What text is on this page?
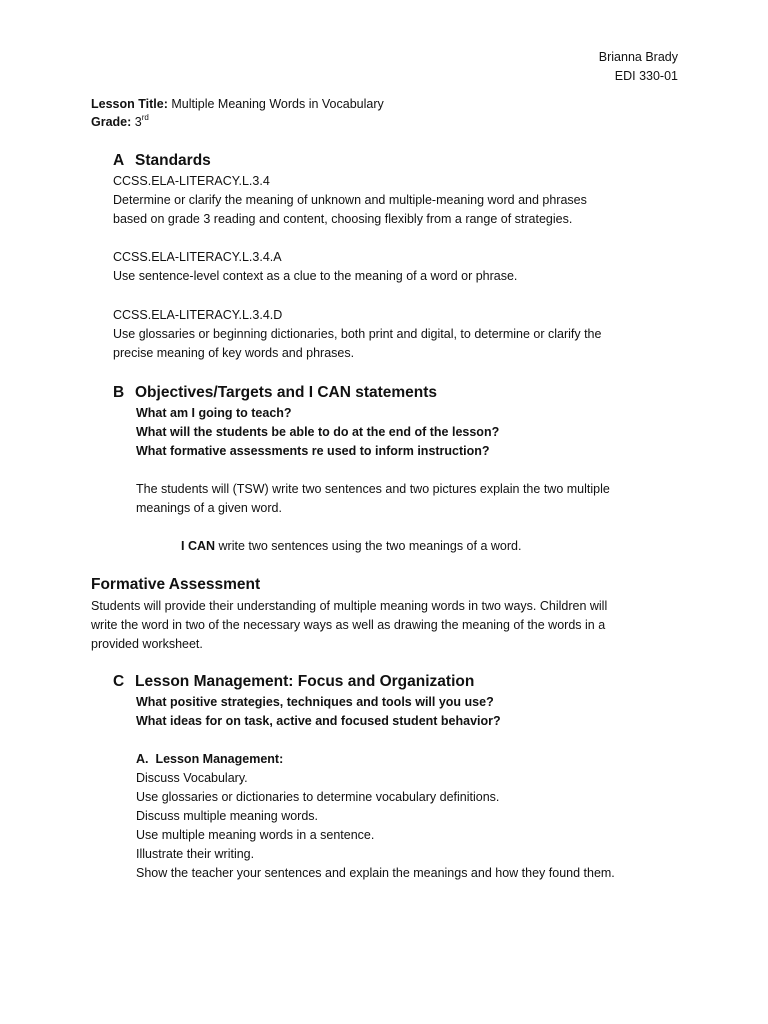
Brianna Brady
EDI 330-01
Lesson Title: Multiple Meaning Words in Vocabulary
Grade: 3rd
A Standards

CCSS.ELA-LITERACY.L.3.4

Determine or clarify the meaning of unknown and multiple-meaning word and phrases

based on grade 3 reading and content, choosing flexibly from a range of strategies.

CCSS.ELA-LITERACY.L.3.4.A

Use sentence-level context as a clue to the meaning of a word or phrase.

CCSS.ELA-LITERACY.L.3.4.D

Use glossaries or beginning dictionaries, both print and digital, to determine or clarify the

precise meaning of key words and phrases.

B Objectives/Targets and I CAN statements

What am I going to teach?

What will the students be able to do at the end of the lesson?

What formative assessments re used to inform instruction?

The students will (TSW) write two sentences and two pictures explain the two multiple

meanings of a given word.

I CAN write two sentences using the two meanings of a word.
Formative Assessment

Students will provide their understanding of multiple meaning words in two ways. Children will

write the word in two of the necessary ways as well as drawing the meaning of the words in a

provided worksheet.

C Lesson Management: Focus and Organization

What positive strategies, techniques and tools will you use?

What ideas for on task, active and focused student behavior?

A.  Lesson Management:

Discuss Vocabulary.

Use glossaries or dictionaries to determine vocabulary definitions.

Discuss multiple meaning words.

Use multiple meaning words in a sentence.

Illustrate their writing.

Show the teacher your sentences and explain the meanings and how they found them.
